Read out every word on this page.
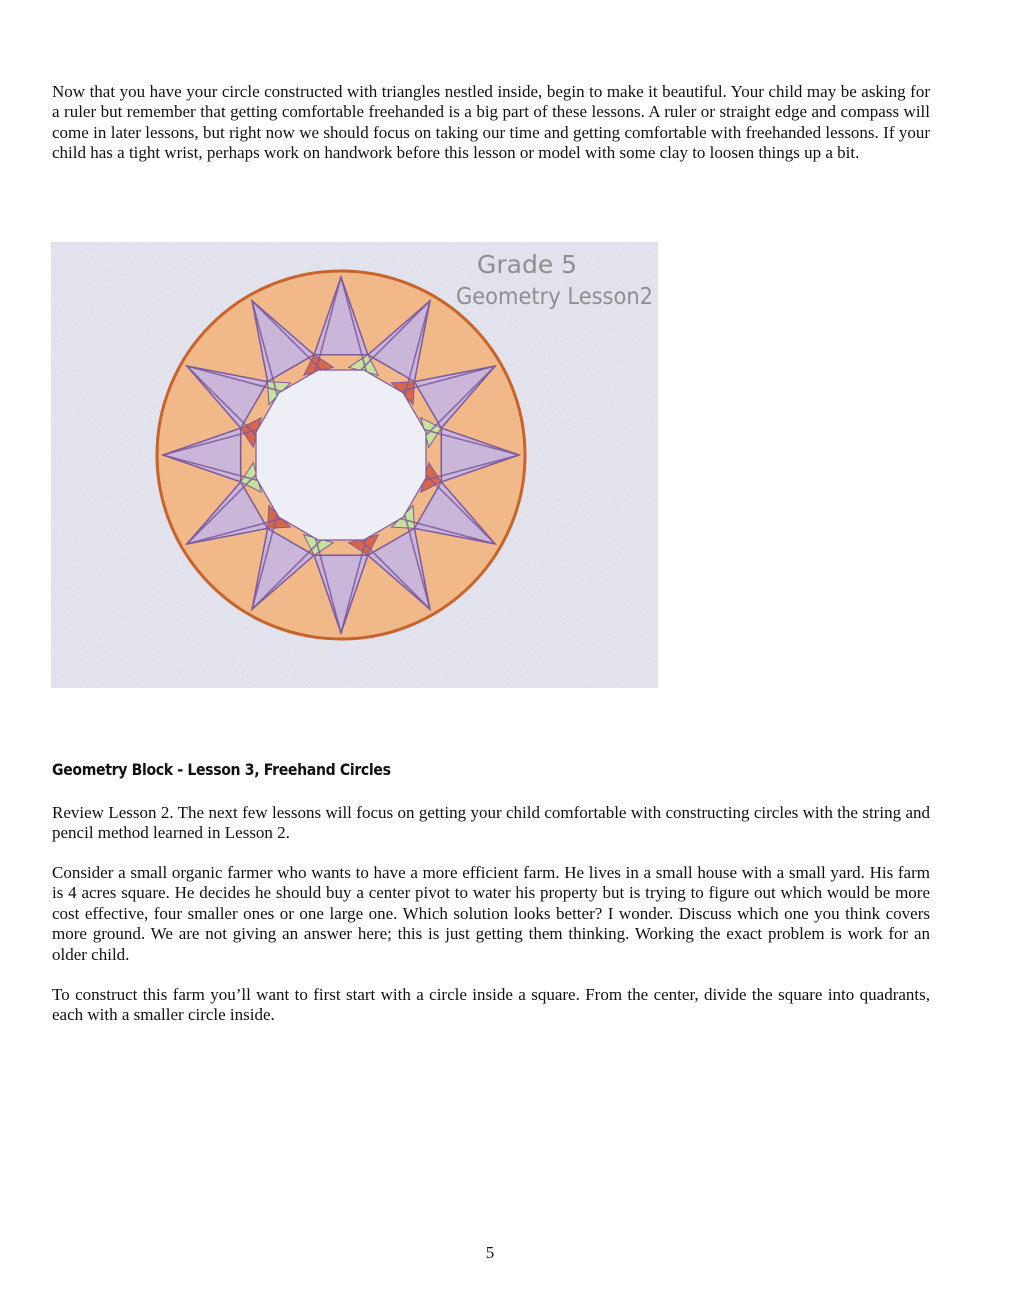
Now that you have your circle constructed with triangles nestled inside, begin to make it beautiful. Your child may be asking for a ruler but remember that getting comfortable freehanded is a big part of these lessons. A ruler or straight edge and compass will come in later lessons, but right now we should focus on taking our time and getting comfortable with freehanded lessons. If your child has a tight wrist, perhaps work on handwork before this lesson or model with some clay to loosen things up a bit.

Grade 5
Geometry Lesson2
Geometry Block - Lesson 3, Freehand Circles

Review Lesson 2. The next few lessons will focus on getting your child comfortable with constructing circles with the string and pencil method learned in Lesson 2.

Consider a small organic farmer who wants to have a more efficient farm. He lives in a small house with a small yard. His farm is 4 acres square. He decides he should buy a center pivot to water his property but is trying to figure out which would be more cost effective, four smaller ones or one large one. Which solution looks better? I wonder. Discuss which one you think covers more ground. We are not giving an answer here; this is just getting them thinking. Working the exact problem is work for an older child.

To construct this farm you’ll want to first start with a circle inside a square. From the center, divide the square into quadrants, each with a smaller circle inside.

5
